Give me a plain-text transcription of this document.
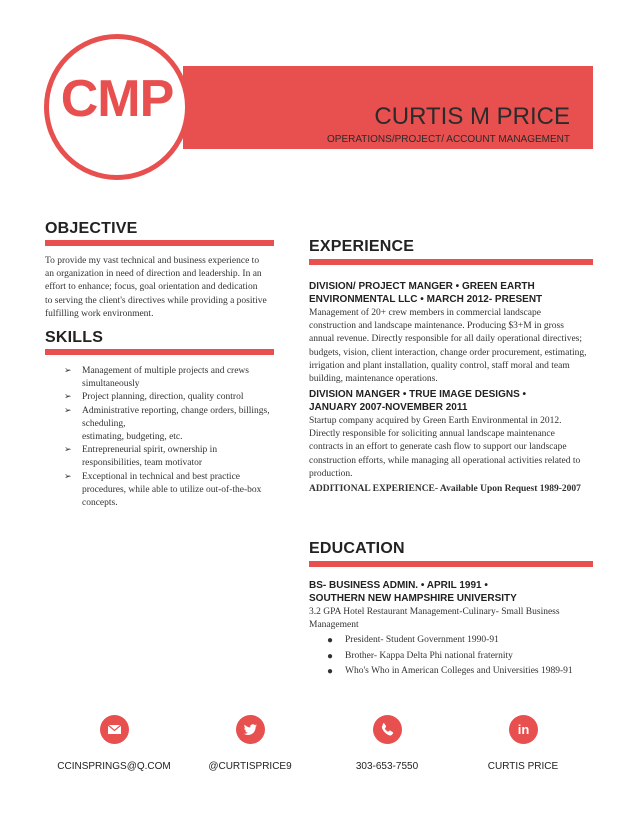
CMP	CURTIS M PRICE
OPERATIONS/PROJECT/ ACCOUNT MANAGEMENT
OBJECTIVE
To provide my vast technical and business experience to
an organization in need of direction and leadership. In an
effort to enhance; focus, goal orientation and dedication
to serving the client's directives while providing a positive
fulfilling work environment.
SKILLS
➢ Management of multiple projects and crews
simultaneously
➢ Project planning, direction, quality control
➢ Administrative reporting, change orders, billings,
scheduling,
estimating, budgeting, etc.
➢ Entrepreneurial spirit, ownership in
responsibilities, team motivator
➢ Exceptional in technical and best practice
procedures, while able to utilize out-of-the-box
concepts.
EXPERIENCE
DIVISION/ PROJECT MANGER • GREEN EARTH
ENVIRONMENTAL LLC • MARCH 2012- PRESENT
Management of 20+ crew members in commercial landscape
construction and landscape maintenance. Producing $3+M in gross
annual revenue. Directly responsible for all daily operational directives;
budgets, vision, client interaction, change order procurement, estimating,
irrigation and plant installation, quality control, staff moral and team
building, maintenance operations.
DIVISION MANGER • TRUE IMAGE DESIGNS •
JANUARY 2007-NOVEMBER 2011
Startup company acquired by Green Earth Environmental in 2012.
Directly responsible for soliciting annual landscape maintenance
contracts in an effort to generate cash flow to support our landscape
construction efforts, while managing all operational activities related to
production.
ADDITIONAL EXPERIENCE- Available Upon Request 1989-2007
EDUCATION
BS- BUSINESS ADMIN. • APRIL 1991 •
SOUTHERN NEW HAMPSHIRE UNIVERSITY
3.2 GPA Hotel Restaurant Management-Culinary- Small Business
Management
● President- Student Government 1990-91
● Brother- Kappa Delta Phi national fraternity
● Who's Who in American Colleges and Universities 1989-91
in
CCINSPRINGS@Q.COM	@CURTISPRICE9	303-653-7550	CURTIS PRICE
